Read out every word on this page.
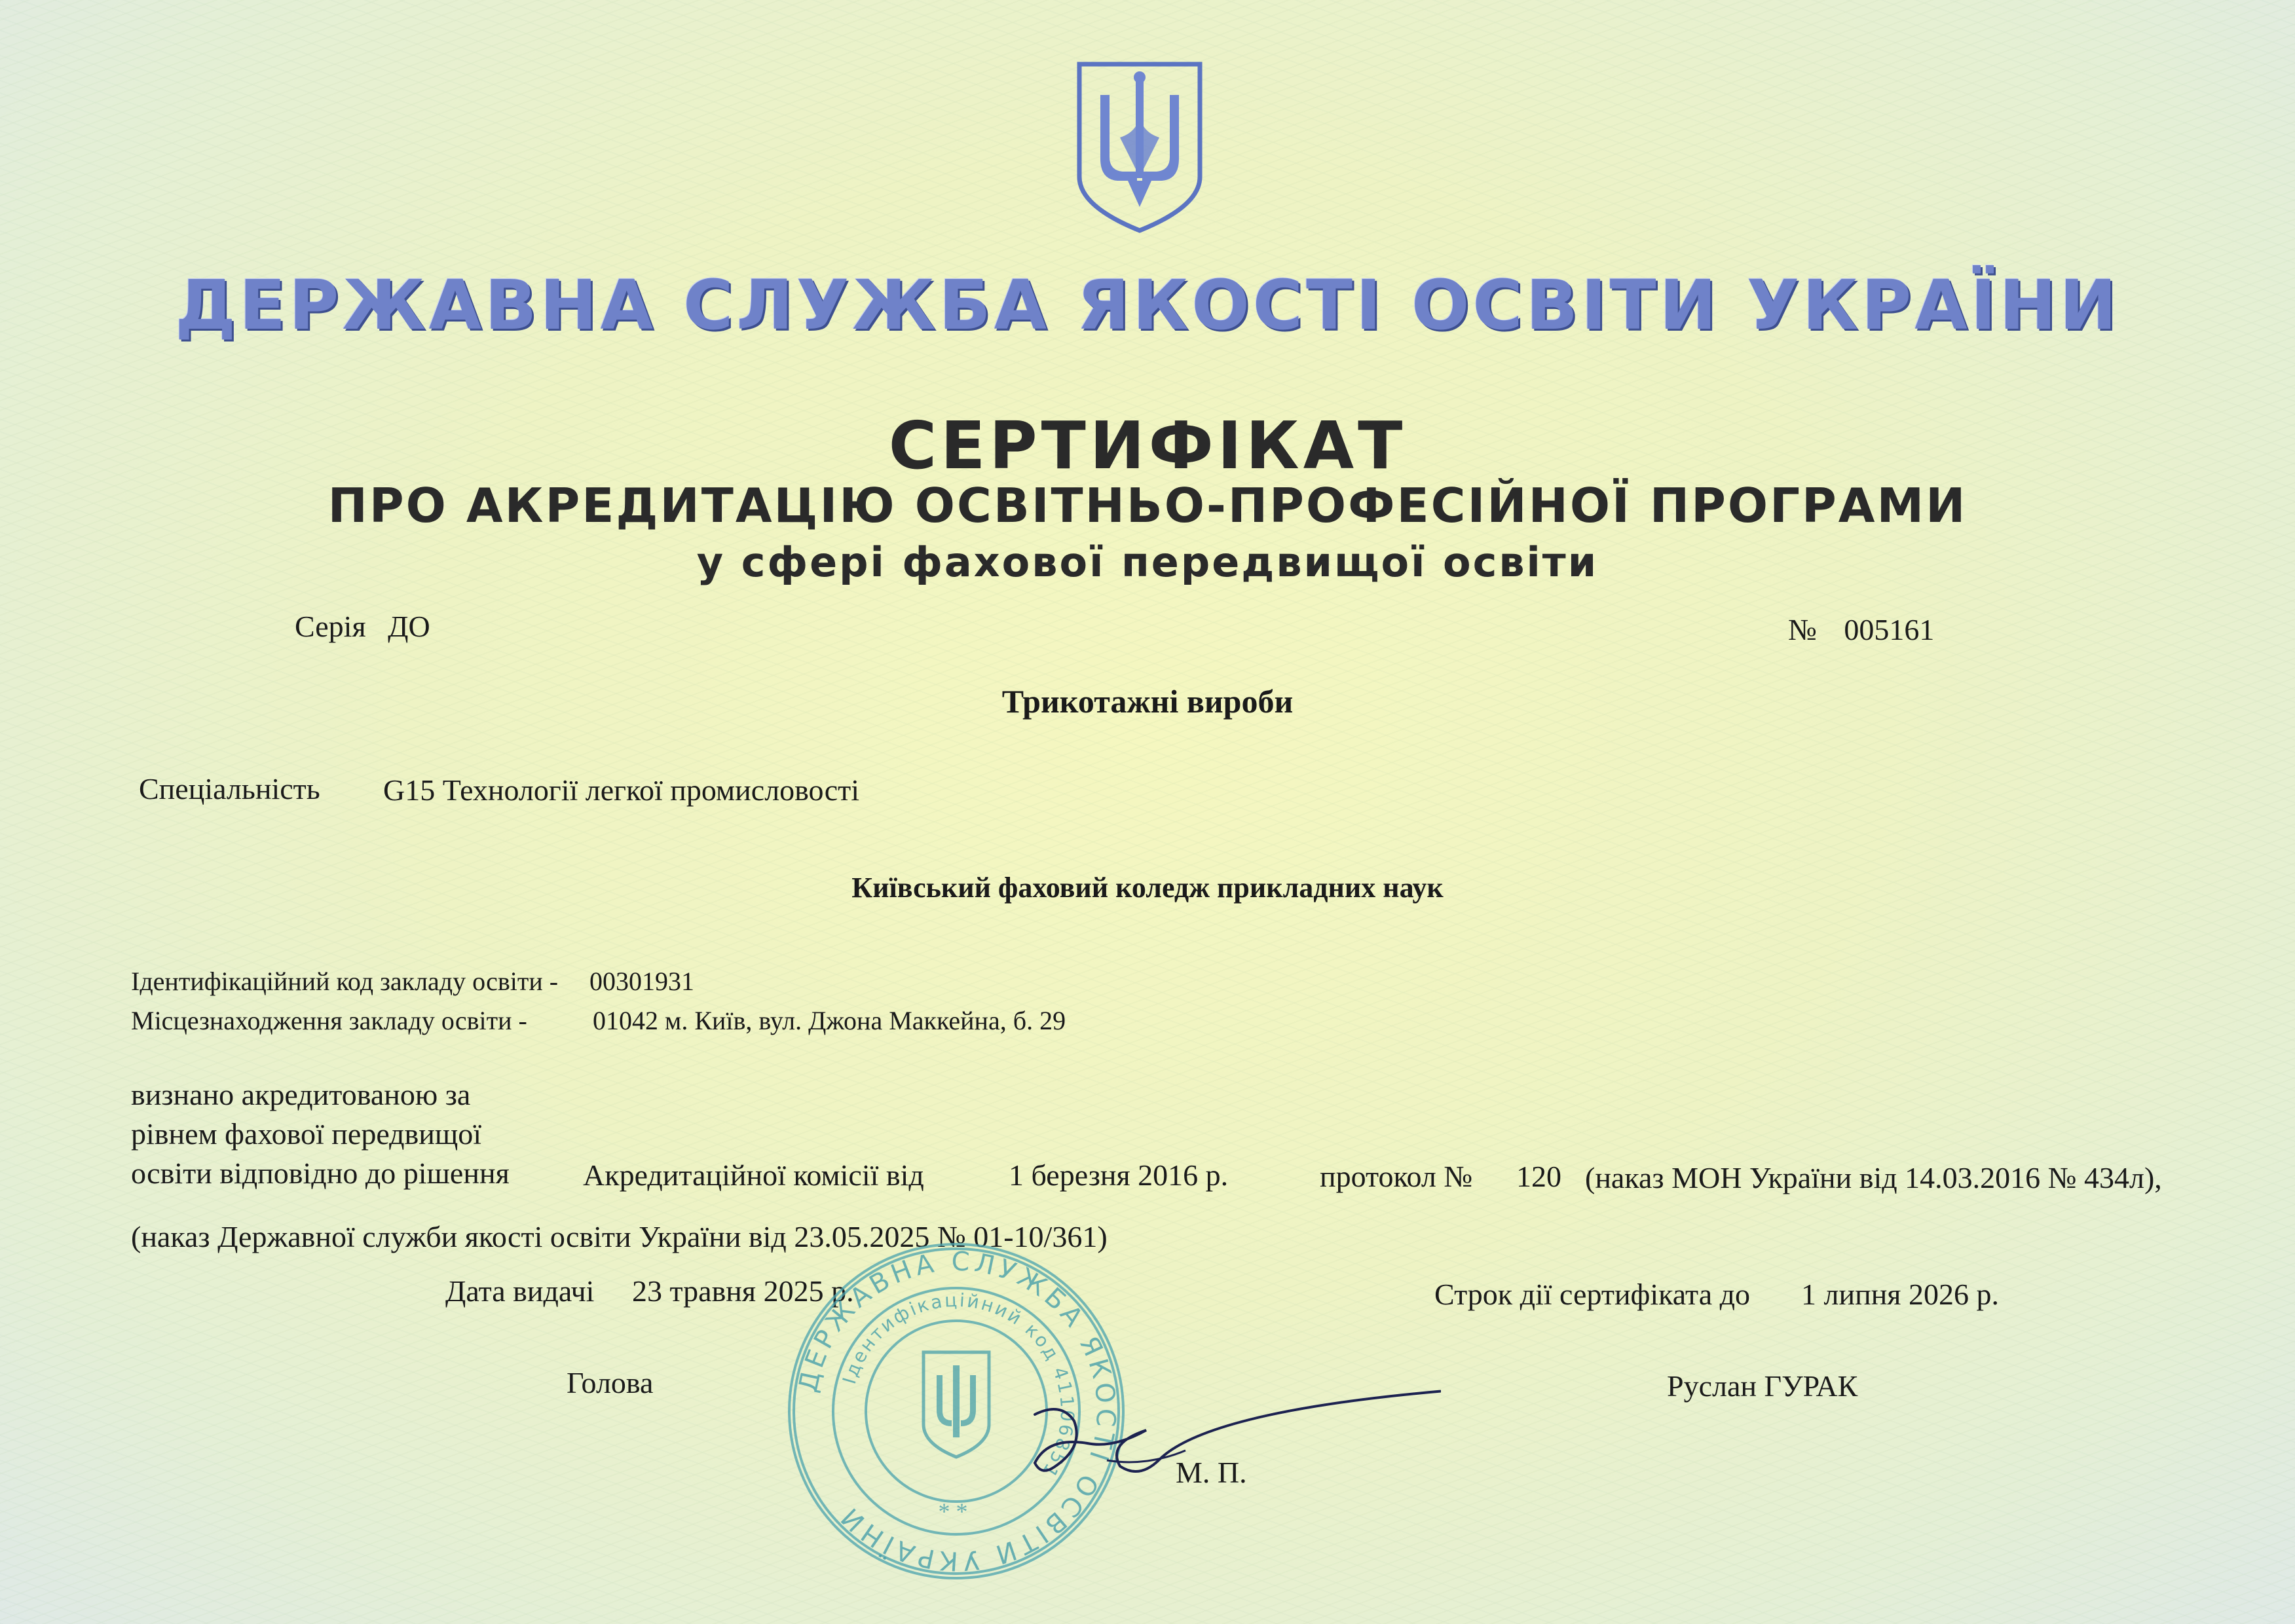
ДЕРЖАВНА СЛУЖБА ЯКОСТІ ОСВІТИ УКРАЇНИ
СЕРТИФІКАТ
ПРО АКРЕДИТАЦІЮ ОСВІТНЬО-ПРОФЕСІЙНОЇ ПРОГРАМИ
у сфері фахової передвищої освіти
Серія ДО	№ 005161
Трикотажні вироби
Спеціальність G15 Технології легкої промисловості
Київський фаховий коледж прикладних наук
Ідентифікаційний код закладу освіти - 00301931
Місцезнаходження закладу освіти -	01042 м. Київ, вул. Джона Маккейна, б. 29
визнано акредитованою за
рівнем фахової передвищої
освіти відповідно до рішення Акредитаційної комісії від	1 березня 2016 р.	протокол № 120 (наказ МОН України від 14.03.2016 № 434л),
(наказ Державної служби якості освіти України від 23.05.2025 № 01-10/361)
Дата видачі 23 травня 2025 р.	Строк дії сертифіката до 1 липня 2026 р.
Голова	Руслан ГУРАК
ДЕРЖАВНА СЛУЖБА ЯКОСТІ ОСВІТИ УКРАЇНИ
Ідентифікаційний код 41106851
* *
М. П.
